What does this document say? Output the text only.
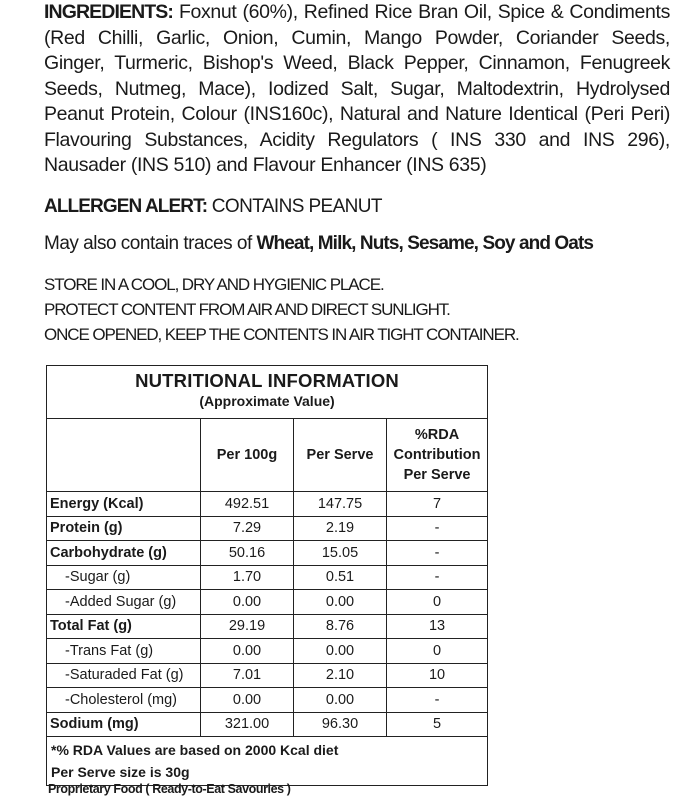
INGREDIENTS: Foxnut (60%), Refined Rice Bran Oil, Spice & Condiments (Red Chilli, Garlic, Onion, Cumin, Mango Powder, Coriander Seeds, Ginger, Turmeric, Bishop's Weed, Black Pepper, Cinnamon, Fenugreek Seeds, Nutmeg, Mace), Iodized Salt, Sugar, Maltodextrin, Hydrolysed Peanut Protein, Colour (INS160c), Natural and Nature Identical (Peri Peri) Flavouring Substances, Acidity Regulators ( INS 330 and INS 296), Nausader (INS 510) and Flavour Enhancer (INS 635)
ALLERGEN ALERT: CONTAINS PEANUT
May also contain traces of Wheat, Milk, Nuts, Sesame, Soy and Oats
STORE IN A COOL, DRY AND HYGIENIC PLACE.
PROTECT CONTENT FROM AIR AND DIRECT SUNLIGHT.
ONCE OPENED, KEEP THE CONTENTS IN AIR TIGHT CONTAINER.
NUTRITIONAL INFORMATION
(Approximate Value)			

	Per 100g	Per Serve	%RDA Contribution Per Serve
Energy (Kcal)	492.51	147.75	7
Protein (g)	7.29	2.19	-
Carbohydrate (g)	50.16	15.05	-
-Sugar (g)	1.70	0.51	-
-Added Sugar (g)	0.00	0.00	0
Total Fat (g)	29.19	8.76	13
-Trans Fat (g)	0.00	0.00	0
-Saturaded Fat (g)	7.01	2.10	10
-Cholesterol (mg)	0.00	0.00	-
Sodium (mg)	321.00	96.30	5

*% RDA Values are based on 2000 Kcal diet
Per Serve size is 30g			
Proprietary Food ( Ready-to-Eat Savouries )
